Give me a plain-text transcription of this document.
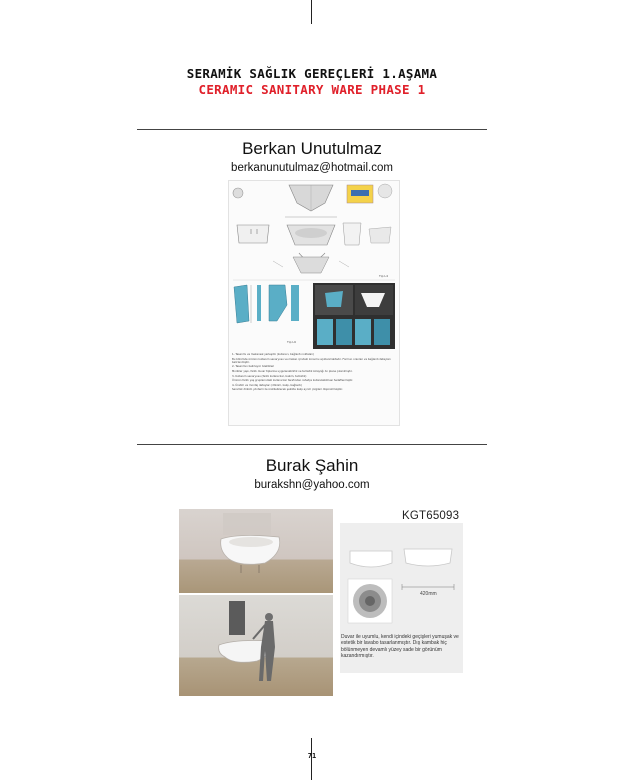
SERAMİK SAĞLIK GEREÇLERİ 1.AŞAMA
CERAMIC SANITARY WARE PHASE 1
Berkan Unutulmaz
berkanunutulmaz@hotmail.com
Tip L4
Tip L6

1- Tasarımı ve mekansal yerleşimi (kullanıcı, bağlantı noktaları)

Bu bölümde ürünün kullanım senaryosu ve mekan içindeki konumu açıklanmaktadır. Formun oranları ve bağlantı detayları belirlenmiştir.

2- Tasarımın belirleyici özellikleri

Modüler yapı, farklı duvar tiplerine uygulanabilirlik ve temizlik kolaylığı ön plana çıkarılmıştır.

3- Kullanım senaryosu (farklı kullanıcılar, bakım, temizlik)

Ürünün farklı yaş gruplarındaki kullanıcılar tarafından rahatça kullanılabilmesi hedeflenmiştir.

4- Üretim ve montaj detayları (döküm, kalıp, bağlantı)

Seramik döküm yöntemi ile üretilebilecek şekilde kalıp ayrım çizgileri düşünülmüştür.

Burak Şahin
burakshn@yahoo.com
KGT65093
420mm
Duvar ile uyumlu, kendi içindeki geçişleri yumuşak ve estetik bir lavabo tasarlanmıştır. Dış kambak hiç bölünmeyen devamlı yüzey sade bir görünüm kazandırmıştır.
71
